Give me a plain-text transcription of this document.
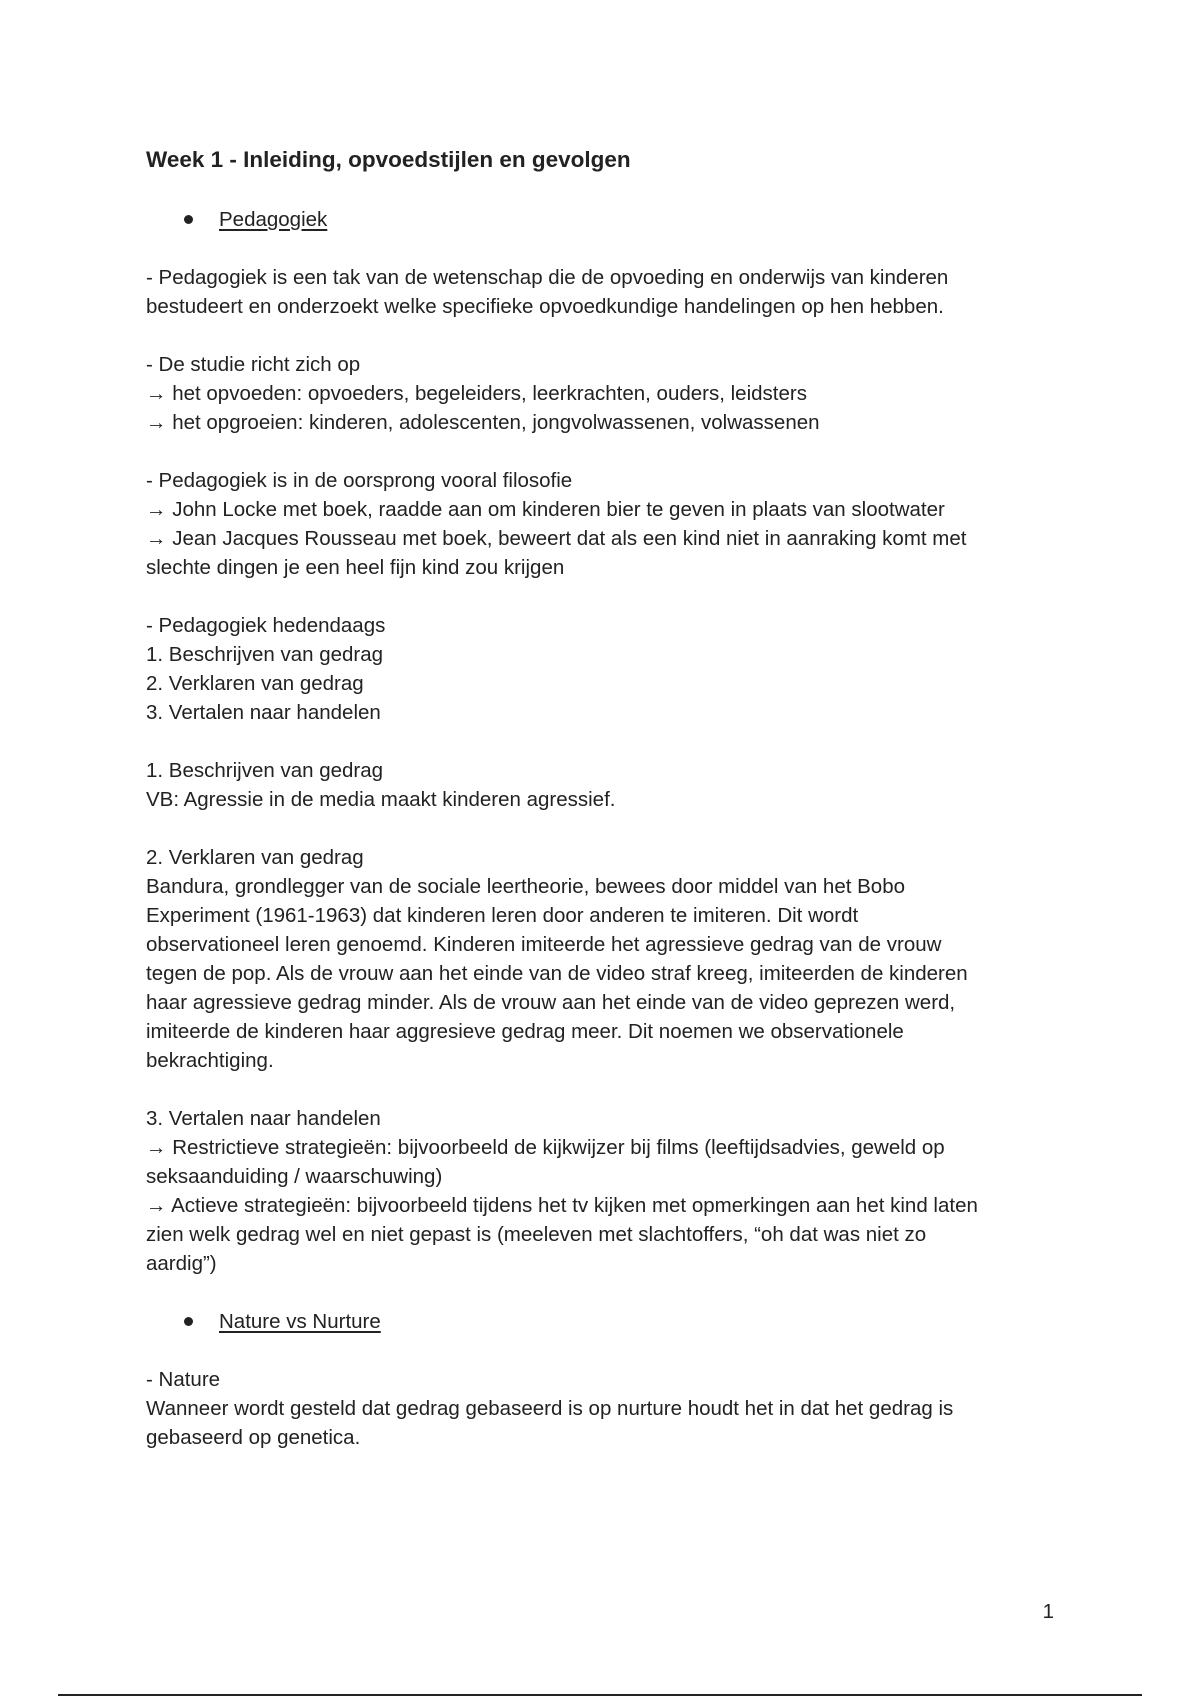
Week 1 - Inleiding, opvoedstijlen en gevolgen
Pedagogiek
- Pedagogiek is een tak van de wetenschap die de opvoeding en onderwijs van kinderen
bestudeert en onderzoekt welke specifieke opvoedkundige handelingen op hen hebben.
- De studie richt zich op
→ het opvoeden: opvoeders, begeleiders, leerkrachten, ouders, leidsters
→ het opgroeien: kinderen, adolescenten, jongvolwassenen, volwassenen
- Pedagogiek is in de oorsprong vooral filosofie
→ John Locke met boek, raadde aan om kinderen bier te geven in plaats van slootwater
→ Jean Jacques Rousseau met boek, beweert dat als een kind niet in aanraking komt met
slechte dingen je een heel fijn kind zou krijgen
- Pedagogiek hedendaags
1. Beschrijven van gedrag
2. Verklaren van gedrag
3. Vertalen naar handelen
1. Beschrijven van gedrag
VB: Agressie in de media maakt kinderen agressief.
2. Verklaren van gedrag
Bandura, grondlegger van de sociale leertheorie, bewees door middel van het Bobo
Experiment (1961-1963) dat kinderen leren door anderen te imiteren. Dit wordt
observationeel leren genoemd. Kinderen imiteerde het agressieve gedrag van de vrouw
tegen de pop. Als de vrouw aan het einde van de video straf kreeg, imiteerden de kinderen
haar agressieve gedrag minder. Als de vrouw aan het einde van de video geprezen werd,
imiteerde de kinderen haar aggresieve gedrag meer. Dit noemen we observationele
bekrachtiging.
3. Vertalen naar handelen
→ Restrictieve strategieën: bijvoorbeeld de kijkwijzer bij films (leeftijdsadvies, geweld op
seksaanduiding / waarschuwing)
→ Actieve strategieën: bijvoorbeeld tijdens het tv kijken met opmerkingen aan het kind laten
zien welk gedrag wel en niet gepast is (meeleven met slachtoffers, “oh dat was niet zo
aardig”)
Nature vs Nurture
- Nature
Wanneer wordt gesteld dat gedrag gebaseerd is op nurture houdt het in dat het gedrag is
gebaseerd op genetica.
1
